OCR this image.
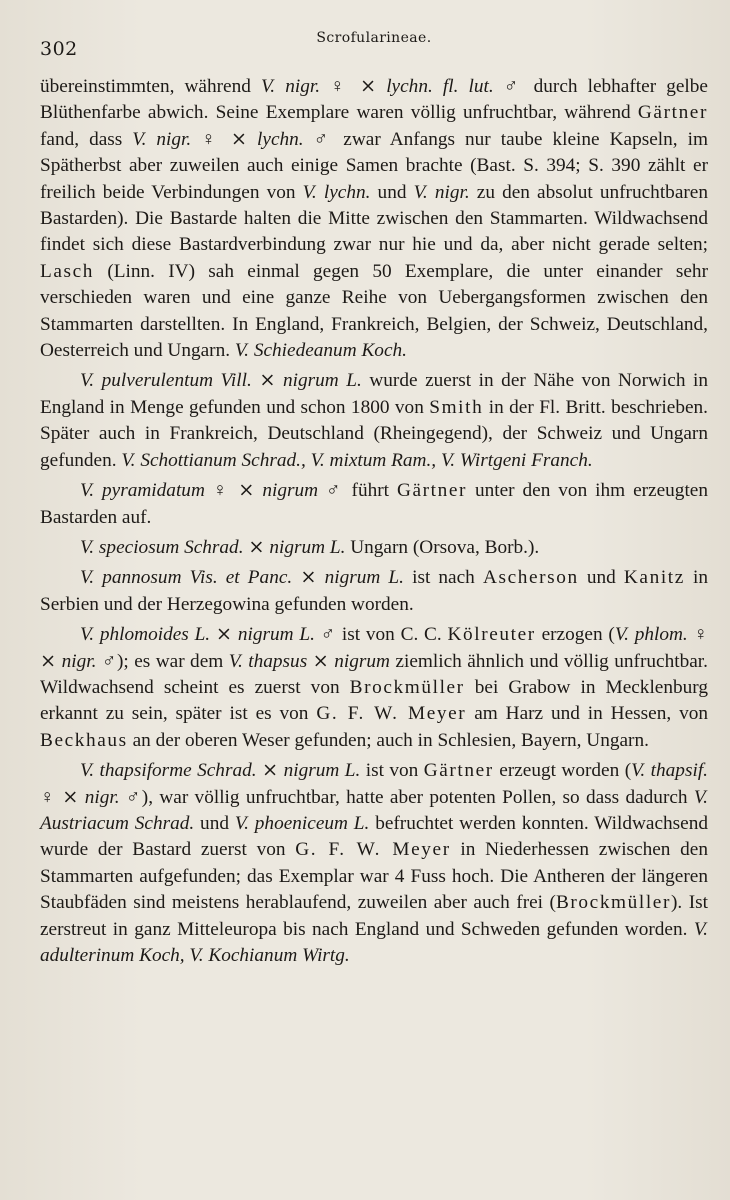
302	Scrofularineae.

übereinstimmten, während V. nigr. ♀ ⨯ lychn. fl. lut. ♂ durch lebhafter gelbe Blüthenfarbe abwich. Seine Exemplare waren völlig unfruchtbar, während Gärtner fand, dass V. nigr. ♀ ⨯ lychn. ♂ zwar Anfangs nur taube kleine Kapseln, im Spätherbst aber zuweilen auch einige Samen brachte (Bast. S. 394; S. 390 zählt er freilich beide Verbindungen von V. lychn. und V. nigr. zu den absolut unfruchtbaren Bastarden). Die Bastarde halten die Mitte zwischen den Stammarten. Wildwachsend findet sich diese Bastardverbindung zwar nur hie und da, aber nicht gerade selten; Lasch (Linn. IV) sah einmal gegen 50 Exemplare, die unter einander sehr verschieden waren und eine ganze Reihe von Uebergangsformen zwischen den Stammarten darstellten. In England, Frankreich, Belgien, der Schweiz, Deutschland, Oesterreich und Ungarn. V. Schiedeanum Koch.

V. pulverulentum Vill. ⨯ nigrum L. wurde zuerst in der Nähe von Norwich in England in Menge gefunden und schon 1800 von Smith in der Fl. Britt. beschrieben. Später auch in Frankreich, Deutschland (Rheingegend), der Schweiz und Ungarn gefunden. V. Schottianum Schrad., V. mixtum Ram., V. Wirtgeni Franch.

V. pyramidatum ♀ ⨯ nigrum ♂ führt Gärtner unter den von ihm erzeugten Bastarden auf.

V. speciosum Schrad. ⨯ nigrum L. Ungarn (Orsova, Borb.).

V. pannosum Vis. et Panc. ⨯ nigrum L. ist nach Ascherson und Kanitz in Serbien und der Herzegowina gefunden worden.

V. phlomoides L. ⨯ nigrum L. ♂ ist von C. C. Kölreuter erzogen (V. phlom. ♀ ⨯ nigr. ♂); es war dem V. thapsus ⨯ nigrum ziemlich ähnlich und völlig unfruchtbar. Wildwachsend scheint es zuerst von Brockmüller bei Grabow in Mecklenburg erkannt zu sein, später ist es von G. F. W. Meyer am Harz und in Hessen, von Beckhaus an der oberen Weser gefunden; auch in Schlesien, Bayern, Ungarn.

V. thapsiforme Schrad. ⨯ nigrum L. ist von Gärtner erzeugt worden (V. thapsif. ♀ ⨯ nigr. ♂), war völlig unfruchtbar, hatte aber potenten Pollen, so dass dadurch V. Austriacum Schrad. und V. phoeniceum L. befruchtet werden konnten. Wildwachsend wurde der Bastard zuerst von G. F. W. Meyer in Niederhessen zwischen den Stammarten aufgefunden; das Exemplar war 4 Fuss hoch. Die Antheren der längeren Staubfäden sind meistens herablaufend, zuweilen aber auch frei (Brockmüller). Ist zerstreut in ganz Mitteleuropa bis nach England und Schweden gefunden worden. V. adulterinum Koch, V. Kochianum Wirtg.
